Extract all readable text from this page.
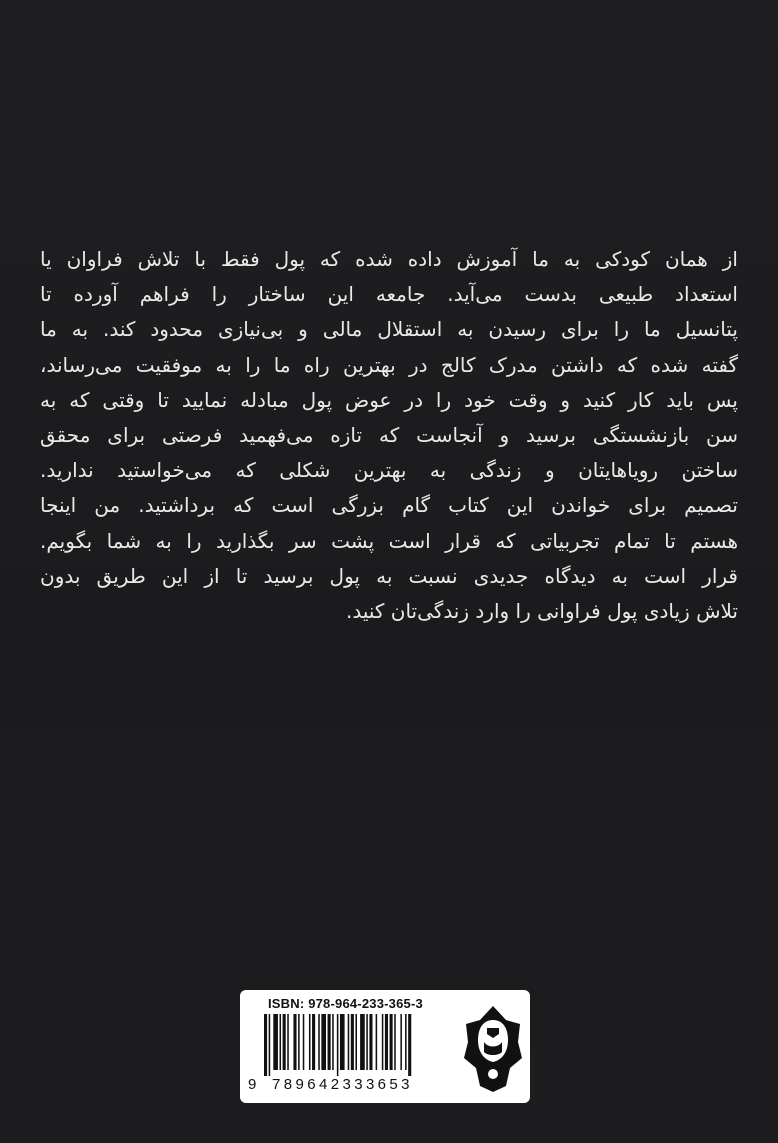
از همان کودکی به ما آموزش داده شده که پول فقط با تلاش فراوان یا
استعداد طبیعی بدست می‌آید. جامعه این ساختار را فراهم آورده تا
پتانسیل ما را برای رسیدن به استقلال مالی و بی‌نیازی محدود کند. به ما
گفته شده که داشتن مدرک کالج در بهترین راه ما را به موفقیت می‌رساند،
پس باید کار کنید و وقت خود را در عوض پول مبادله نمایید تا وقتی که به
سن بازنشستگی برسید و آنجاست که تازه می‌فهمید فرصتی برای محقق
ساختن رویاهایتان و زندگی به بهترین شکلی که می‌خواستید ندارید.
تصمیم برای خواندن این کتاب گام بزرگی است که برداشتید. من اینجا
هستم تا تمام تجربیاتی که قرار است پشت سر بگذارید را به شما بگویم.
قرار است به دیدگاه جدیدی نسبت به پول برسید تا از این طریق بدون
تلاش زیادی پول فراوانی را وارد زندگی‌تان کنید.
ISBN: 978-964-233-365-3
9 789642333653
